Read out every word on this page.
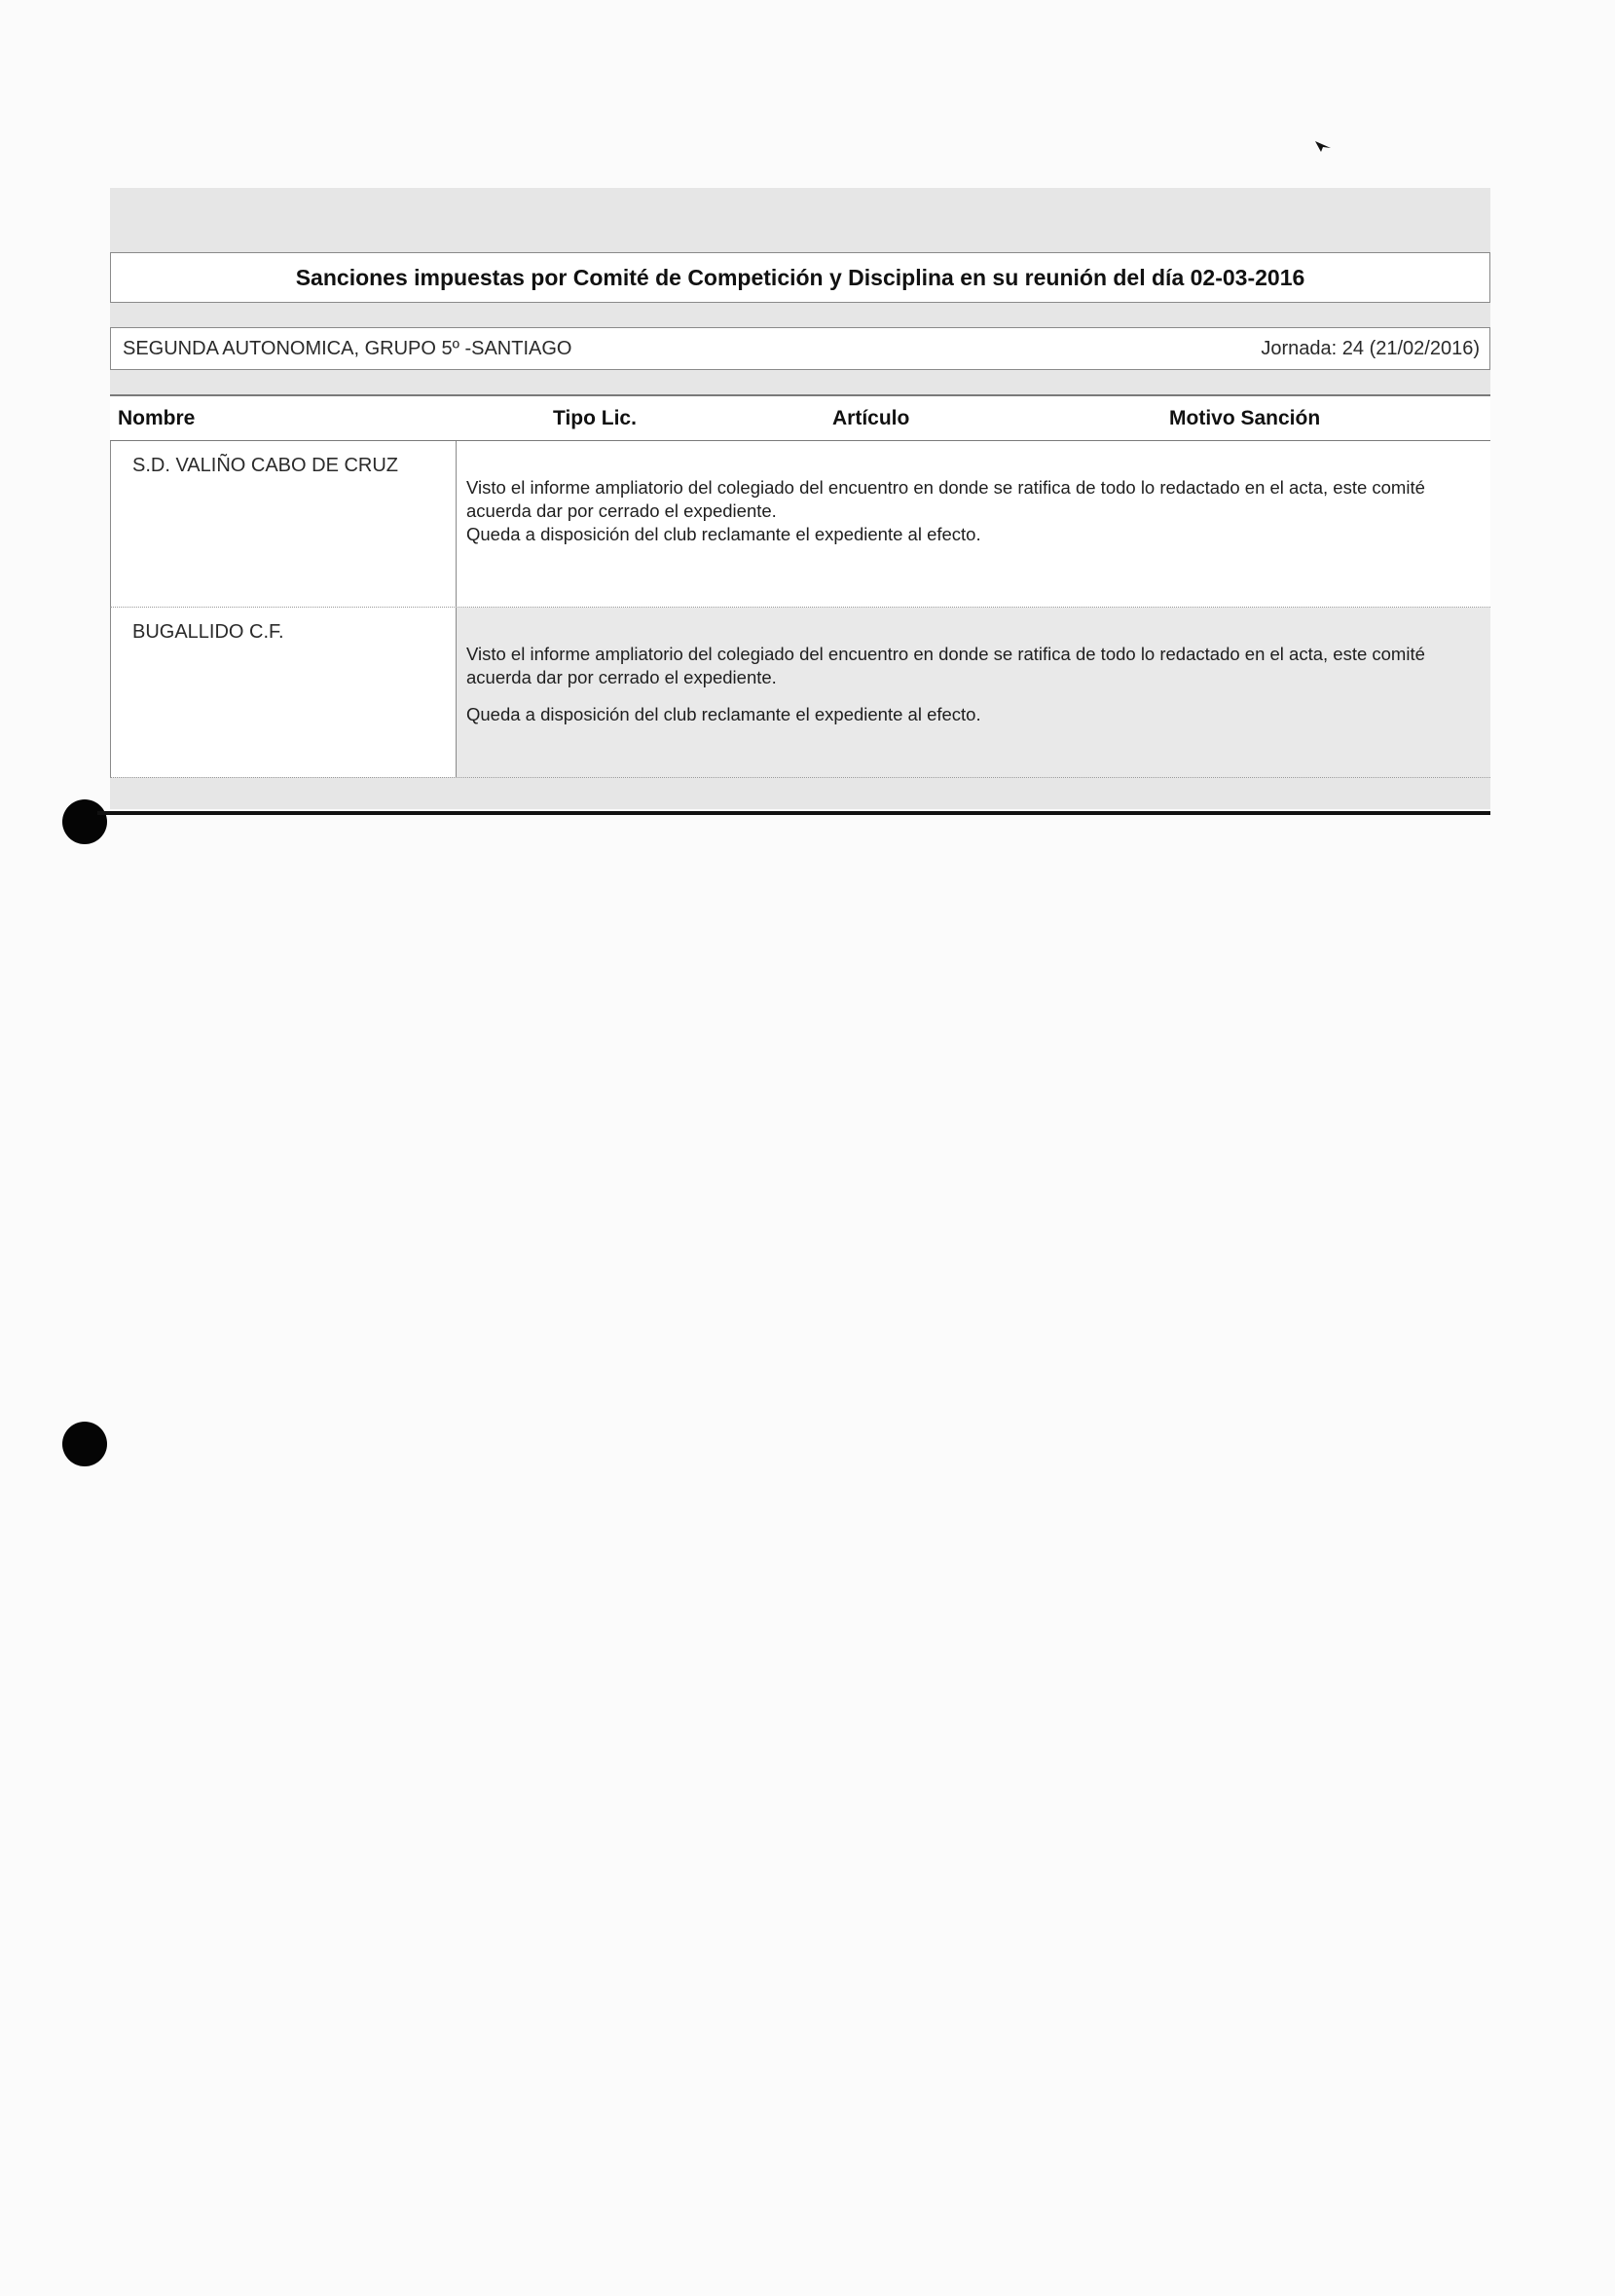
Sanciones impuestas por Comité de Competición y Disciplina en su reunión del día 02-03-2016
SEGUNDA AUTONOMICA, GRUPO 5º -SANTIAGO	Jornada: 24 (21/02/2016)
Nombre	Tipo Lic.	Artículo	Motivo Sanción
S.D. VALIÑO CABO DE CRUZ

Visto el informe ampliatorio del colegiado del encuentro en donde se ratifica de todo lo redactado en el acta, este comité acuerda dar por cerrado el expediente.

Queda a disposición del club reclamante el expediente al efecto.

BUGALLIDO C.F.

Visto el informe ampliatorio del colegiado del encuentro en donde se ratifica de todo lo redactado en el acta, este comité acuerda dar por cerrado el expediente.

Queda a disposición del club reclamante el expediente al efecto.
